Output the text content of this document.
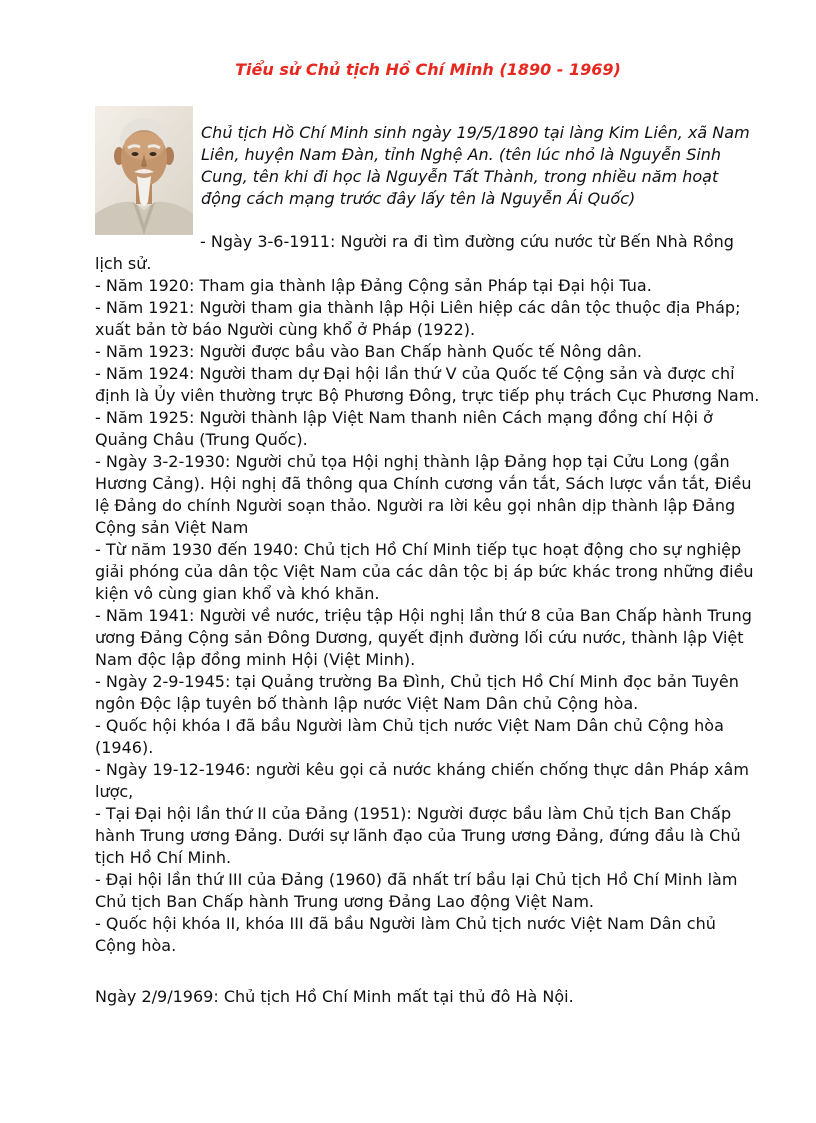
Tiểu sử Chủ tịch Hồ Chí Minh (1890 - 1969)

Chủ tịch Hồ Chí Minh sinh ngày 19/5/1890 tại làng Kim Liên, xã Nam Liên, huyện Nam Đàn, tỉnh Nghệ An. (tên lúc nhỏ là Nguyễn Sinh Cung, tên khi đi học là Nguyễn Tất Thành, trong nhiều năm hoạt động cách mạng trước đây lấy tên là Nguyễn Ái Quốc)

- Ngày 3-6-1911: Người ra đi tìm đường cứu nước từ Bến Nhà Rồng lịch sử.

- Năm 1920: Tham gia thành lập Đảng Cộng sản Pháp tại Đại hội Tua.

- Năm 1921: Người tham gia thành lập Hội Liên hiệp các dân tộc thuộc địa Pháp; xuất bản tờ báo Người cùng khổ ở Pháp (1922).

- Năm 1923: Người được bầu vào Ban Chấp hành Quốc tế Nông dân.

- Năm 1924: Người tham dự Đại hội lần thứ V của Quốc tế Cộng sản và được chỉ định là Ủy viên thường trực Bộ Phương Đông, trực tiếp phụ trách Cục Phương Nam.

- Năm 1925: Người thành lập Việt Nam thanh niên Cách mạng đồng chí Hội ở Quảng Châu (Trung Quốc).

- Ngày 3-2-1930: Người chủ tọa Hội nghị thành lập Đảng họp tại Cửu Long (gần Hương Cảng). Hội nghị đã thông qua Chính cương vắn tắt, Sách lược vắn tắt, Điều lệ Đảng do chính Người soạn thảo. Người ra lời kêu gọi nhân dịp thành lập Đảng Cộng sản Việt Nam

- Từ năm 1930 đến 1940: Chủ tịch Hồ Chí Minh tiếp tục hoạt động cho sự nghiệp giải phóng của dân tộc Việt Nam của các dân tộc bị áp bức khác trong những điều kiện vô cùng gian khổ và khó khăn.

- Năm 1941: Người về nước, triệu tập Hội nghị lần thứ 8 của Ban Chấp hành Trung ương Đảng Cộng sản Đông Dương, quyết định đường lối cứu nước, thành lập Việt Nam độc lập đồng minh Hội (Việt Minh).

- Ngày 2-9-1945: tại Quảng trường Ba Đình, Chủ tịch Hồ Chí Minh đọc bản Tuyên ngôn Độc lập tuyên bố thành lập nước Việt Nam Dân chủ Cộng hòa.

- Quốc hội khóa I đã bầu Người làm Chủ tịch nước Việt Nam Dân chủ Cộng hòa (1946).

- Ngày 19-12-1946: người kêu gọi cả nước kháng chiến chống thực dân Pháp xâm lược,

- Tại Đại hội lần thứ II của Đảng (1951): Người được bầu làm Chủ tịch Ban Chấp hành Trung ương Đảng. Dưới sự lãnh đạo của Trung ương Đảng, đứng đầu là Chủ tịch Hồ Chí Minh.

- Đại hội lần thứ III của Đảng (1960) đã nhất trí bầu lại Chủ tịch Hồ Chí Minh làm Chủ tịch Ban Chấp hành Trung ương Đảng Lao động Việt Nam.

- Quốc hội khóa II, khóa III đã bầu Người làm Chủ tịch nước Việt Nam Dân chủ Cộng hòa.

Ngày 2/9/1969: Chủ tịch Hồ Chí Minh mất tại thủ đô Hà Nội.
